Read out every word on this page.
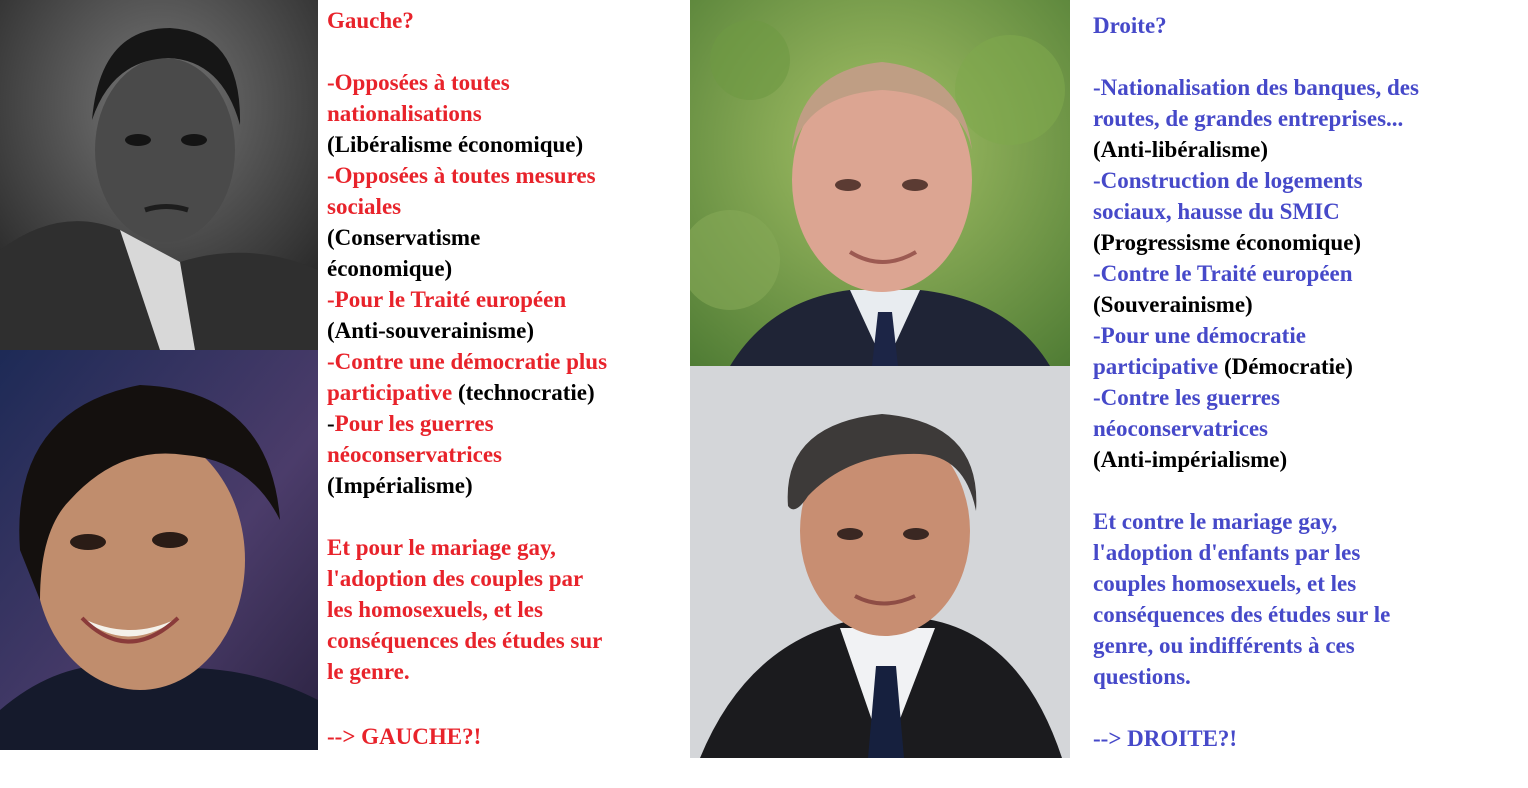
Gauche?
-Opposées à toutes
nationalisations
(Libéralisme économique)
-Opposées à toutes mesures
sociales
(Conservatisme
économique)
-Pour le Traité européen
(Anti-souverainisme)
-Contre une démocratie plus
participative (technocratie)
-Pour les guerres
néoconservatrices
(Impérialisme)
Et pour le mariage gay,
l'adoption des couples par
les homosexuels, et les
conséquences des études sur
le genre.
--> GAUCHE?!
Droite?
-Nationalisation des banques, des
routes, de grandes entreprises...
(Anti-libéralisme)
-Construction de logements
sociaux, hausse du SMIC
(Progressisme économique)
-Contre le Traité européen
(Souverainisme)
-Pour une démocratie
participative (Démocratie)
-Contre les guerres
néoconservatrices
(Anti-impérialisme)
Et contre le mariage gay,
l'adoption d'enfants par les
couples homosexuels, et les
conséquences des études sur le
genre, ou indifférents à ces
questions.
--> DROITE?!
